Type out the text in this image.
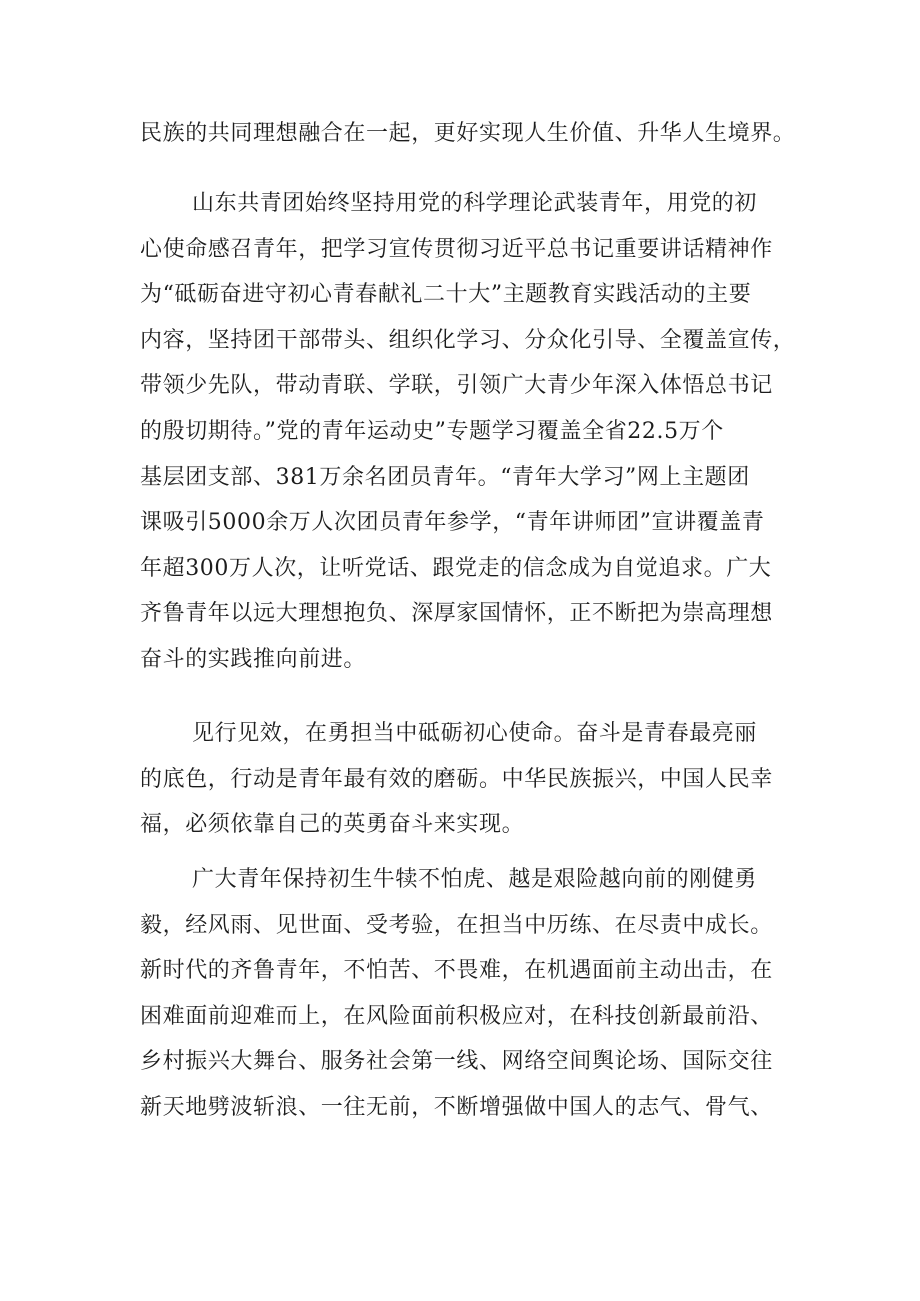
民族的共同理想融合在一起，更好实现人生价值、升华人生境界。
山东共青团始终坚持用党的科学理论武装青年，用党的初
心使命感召青年，把学习宣传贯彻习近平总书记重要讲话精神作
为“砥砺奋进守初心青春献礼二十大”主题教育实践活动的主要
内容，坚持团干部带头、组织化学习、分众化引导、全覆盖宣传，
带领少先队，带动青联、学联，引领广大青少年深入体悟总书记
的殷切期待。”党的青年运动史”专题学习覆盖全省22.5万个
基层团支部、381万余名团员青年。“青年大学习”网上主题团
课吸引5000余万人次团员青年参学，“青年讲师团”宣讲覆盖青
年超300万人次，让听党话、跟党走的信念成为自觉追求。广大
齐鲁青年以远大理想抱负、深厚家国情怀，正不断把为崇高理想
奋斗的实践推向前进。
见行见效，在勇担当中砥砺初心使命。奋斗是青春最亮丽
的底色，行动是青年最有效的磨砺。中华民族振兴，中国人民幸
福，必须依靠自己的英勇奋斗来实现。
广大青年保持初生牛犊不怕虎、越是艰险越向前的刚健勇
毅，经风雨、见世面、受考验，在担当中历练、在尽责中成长。
新时代的齐鲁青年，不怕苦、不畏难，在机遇面前主动出击，在
困难面前迎难而上，在风险面前积极应对，在科技创新最前沿、
乡村振兴大舞台、服务社会第一线、网络空间舆论场、国际交往
新天地劈波斩浪、一往无前，不断增强做中国人的志气、骨气、
